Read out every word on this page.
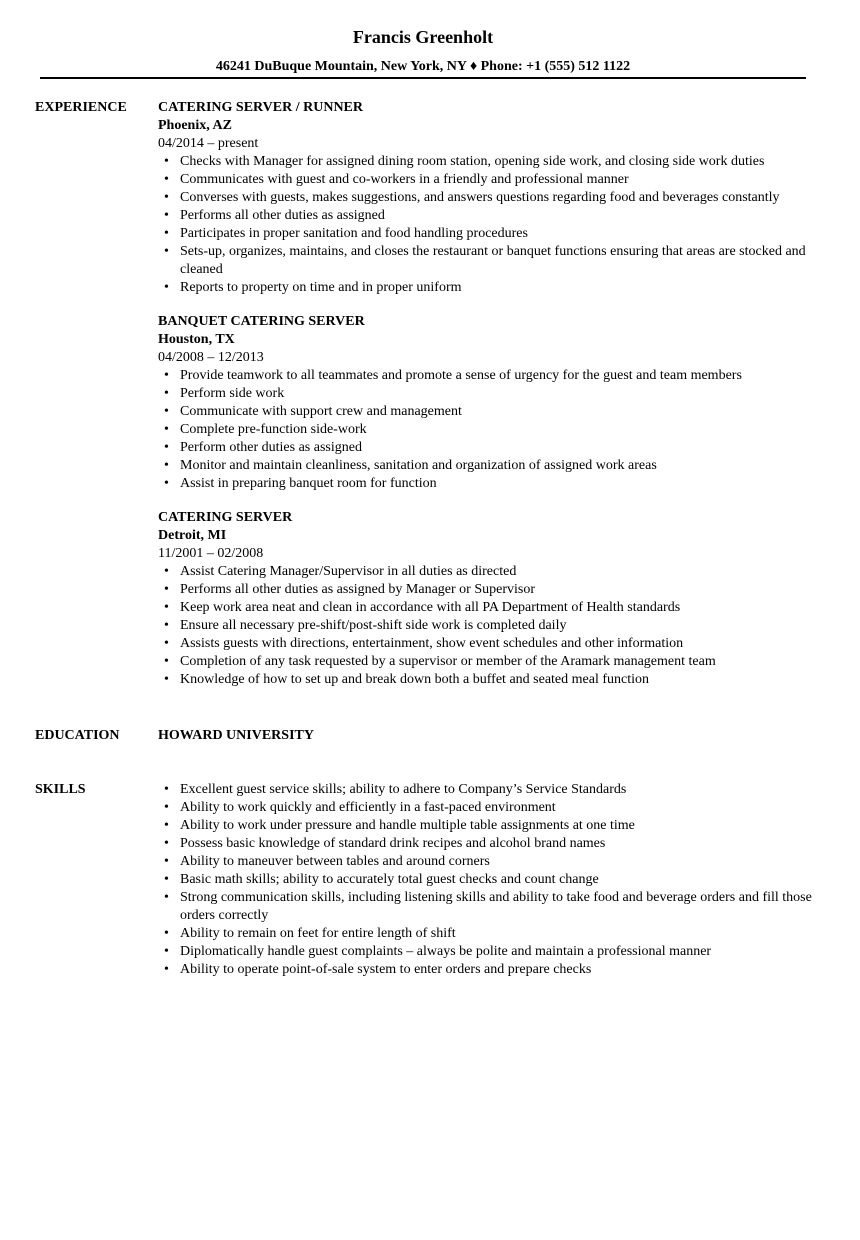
Francis Greenholt
46241 DuBuque Mountain, New York, NY ♦ Phone: +1 (555) 512 1122
EXPERIENCE	CATERING SERVER / RUNNER
Phoenix, AZ
04/2014 – present
• Checks with Manager for assigned dining room station, opening side work, and closing side work duties
• Communicates with guest and co-workers in a friendly and professional manner
• Converses with guests, makes suggestions, and answers questions regarding food and beverages constantly
• Performs all other duties as assigned
• Participates in proper sanitation and food handling procedures
• Sets-up, organizes, maintains, and closes the restaurant or banquet functions ensuring that areas are stocked and cleaned
• Reports to property on time and in proper uniform
BANQUET CATERING SERVER
Houston, TX
04/2008 – 12/2013
• Provide teamwork to all teammates and promote a sense of urgency for the guest and team members
• Perform side work
• Communicate with support crew and management
• Complete pre-function side-work
• Perform other duties as assigned
• Monitor and maintain cleanliness, sanitation and organization of assigned work areas
• Assist in preparing banquet room for function
CATERING SERVER
Detroit, MI
11/2001 – 02/2008
• Assist Catering Manager/Supervisor in all duties as directed
• Performs all other duties as assigned by Manager or Supervisor
• Keep work area neat and clean in accordance with all PA Department of Health standards
• Ensure all necessary pre-shift/post-shift side work is completed daily
• Assists guests with directions, entertainment, show event schedules and other information
• Completion of any task requested by a supervisor or member of the Aramark management team
• Knowledge of how to set up and break down both a buffet and seated meal function
EDUCATION	HOWARD UNIVERSITY
SKILLS
•	Excellent guest service skills; ability to adhere to Company’s Service Standards
• Ability to work quickly and efficiently in a fast-paced environment
• Ability to work under pressure and handle multiple table assignments at one time
• Possess basic knowledge of standard drink recipes and alcohol brand names
• Ability to maneuver between tables and around corners
• Basic math skills; ability to accurately total guest checks and count change
• Strong communication skills, including listening skills and ability to take food and beverage orders and fill those orders correctly
• Ability to remain on feet for entire length of shift
• Diplomatically handle guest complaints – always be polite and maintain a professional manner
• Ability to operate point-of-sale system to enter orders and prepare checks
